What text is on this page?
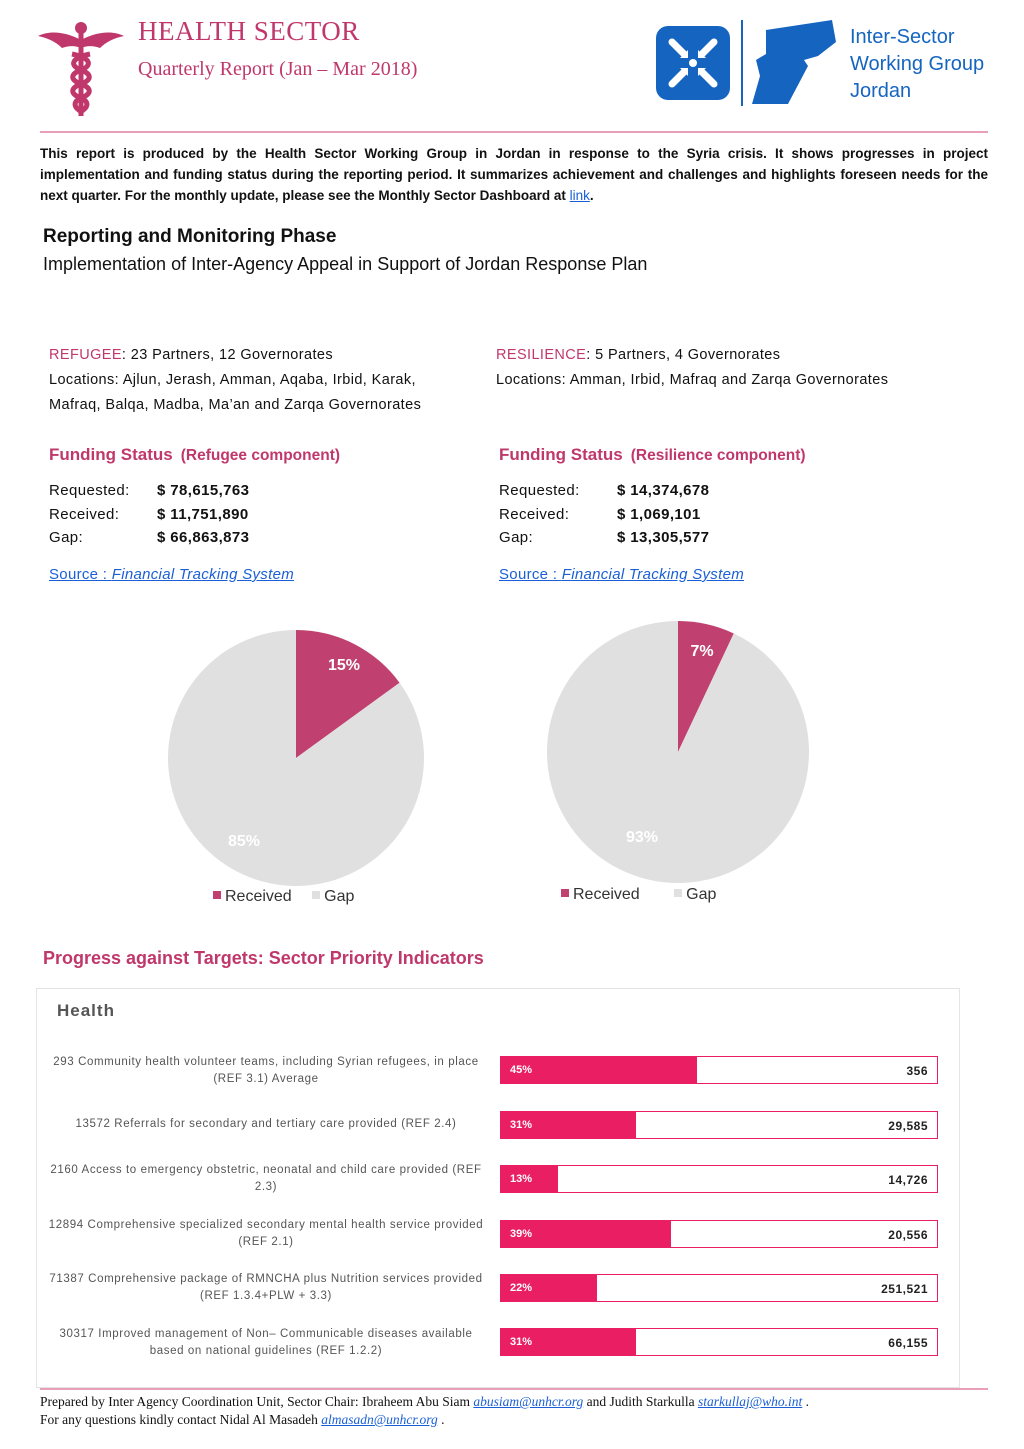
HEALTH SECTOR
Quarterly Report (Jan – Mar 2018)
Inter-Sector
Working Group
Jordan
This report is produced by the Health Sector Working Group in Jordan in response to the Syria crisis. It shows progresses in project implementation and funding status during the reporting period. It summarizes achievement and challenges and highlights foreseen needs for the next quarter. For the monthly update, please see the Monthly Sector Dashboard at link.
Reporting and Monitoring Phase
Implementation of Inter-Agency Appeal in Support of Jordan Response Plan
REFUGEE: 23 Partners, 12 Governorates
Locations: Ajlun, Jerash, Amman, Aqaba, Irbid, Karak,
Mafraq, Balqa, Madba, Ma’an and Zarqa Governorates
Funding Status (Refugee component)
Requested:	$ 78,615,763
Received:	$ 11,751,890
Gap:	$ 66,863,873
Source : Financial Tracking System
RESILIENCE: 5 Partners, 4 Governorates
Locations: Amman, Irbid, Mafraq and Zarqa Governorates
Funding Status (Resilience component)
Requested:	$ 14,374,678
Received:	$ 1,069,101
Gap:	$ 13,305,577
Source : Financial Tracking System
15%
85%
7%
93%
Received Gap	Received	Gap
Progress against Targets: Sector Priority Indicators
Health
293 Community health volunteer teams, including Syrian refugees, in place (REF 3.1) Average
45%	356
13572 Referrals for secondary and tertiary care provided (REF 2.4)	31%	29,585
2160 Access to emergency obstetric, neonatal and child care provided (REF 2.3)
13%	14,726
12894 Comprehensive specialized secondary mental health service provided (REF 2.1)
39%	20,556
71387 Comprehensive package of RMNCHA plus Nutrition services provided (REF 1.3.4+PLW + 3.3)
22%	251,521
30317 Improved management of Non– Communicable diseases available based on national guidelines (REF 1.2.2)
31%	66,155
Prepared by Inter Agency Coordination Unit, Sector Chair: Ibraheem Abu Siam abusiam@unhcr.org and Judith Starkulla starkullaj@who.int .
For any questions kindly contact Nidal Al Masadeh almasadn@unhcr.org .
